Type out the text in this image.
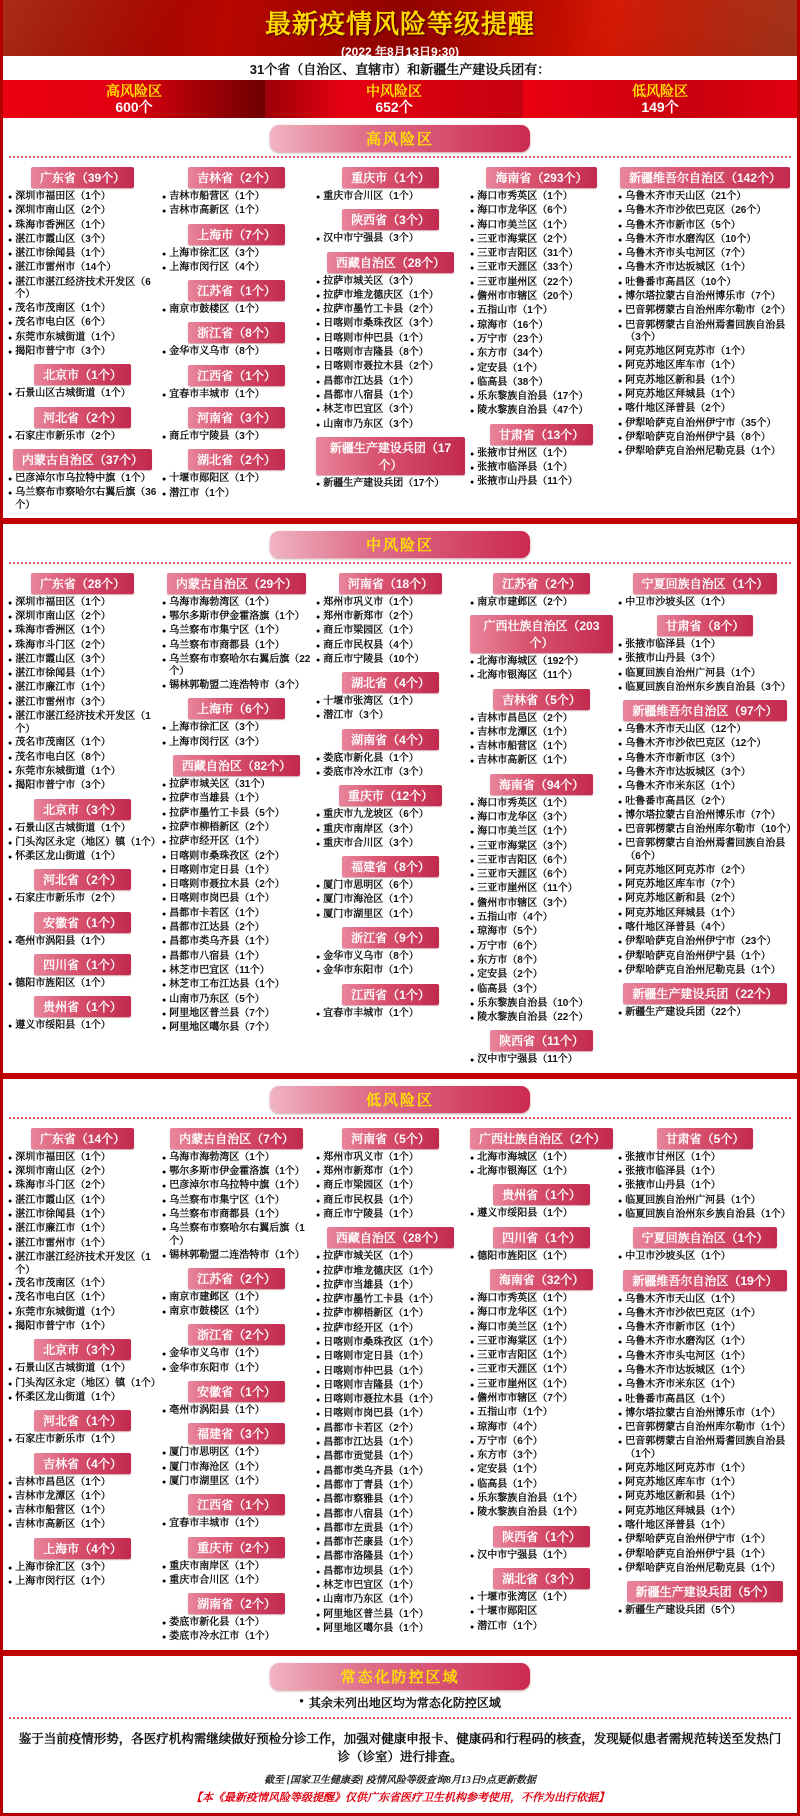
最新疫情风险等级提醒
(2022 年8月13日9:30)
31个省（自治区、直辖市）和新疆生产建设兵团有：
高风险区
600个
中风险区
652个
低风险区
149个
高风险区
广东省（39个）
● 深圳市福田区（1个）
● 深圳市南山区（2个）
● 珠海市香洲区（1个）
● 湛江市霞山区（3个）
● 湛江市徐闻县（1个）
● 湛江市雷州市（14个）
● 湛江市湛江经济技术开发区（6个）
● 茂名市茂南区（1个）
● 茂名市电白区（6个）
● 东莞市东城街道（1个）
● 揭阳市普宁市（3个）
北京市（1个）
● 石景山区古城街道（1个）
河北省（2个）
● 石家庄市新乐市（2个）
内蒙古自治区（37个）
● 巴彦淖尔市乌拉特中旗（1个）
● 乌兰察布市察哈尔右翼后旗（36个）
吉林省（2个）
● 吉林市船营区（1个）
● 吉林市高新区（1个）
上海市（7个）
● 上海市徐汇区（3个）
● 上海市闵行区（4个）
江苏省（1个）
● 南京市鼓楼区（1个）
浙江省（8个）
● 金华市义乌市（8个）
江西省（1个）
● 宜春市丰城市（1个）
河南省（3个）
● 商丘市宁陵县（3个）
湖北省（2个）
● 十堰市郧阳区（1个）
● 潜江市（1个）
重庆市（1个）
● 重庆市合川区（1个）
陕西省（3个）
● 汉中市宁强县（3个）
西藏自治区（28个）
● 拉萨市城关区（3个）
● 拉萨市堆龙德庆区（1个）
● 拉萨市墨竹工卡县（2个）
● 日喀则市桑珠孜区（3个）
● 日喀则市仲巴县（1个）
● 日喀则市吉隆县（8个）
● 日喀则市聂拉木县（2个）
● 昌都市江达县（1个）
● 昌都市八宿县（1个）
● 林芝市巴宜区（3个）
● 山南市乃东区（3个）
新疆生产建设兵团（17个）
● 新疆生产建设兵团（17个）
海南省（293个）
● 海口市秀英区（1个）
● 海口市龙华区（6个）
● 海口市美兰区（1个）
● 三亚市海棠区（2个）
● 三亚市吉阳区（31个）
● 三亚市天涯区（33个）
● 三亚市崖州区（22个）
● 儋州市市辖区（20个）
● 五指山市（1个）
● 琼海市（16个）
● 万宁市（23个）
● 东方市（34个）
● 定安县（1个）
● 临高县（38个）
● 乐东黎族自治县（17个）
● 陵水黎族自治县（47个）
甘肃省（13个）
● 张掖市甘州区（1个）
● 张掖市临泽县（1个）
● 张掖市山丹县（11个）
新疆维吾尔自治区（142个）
● 乌鲁木齐市天山区（21个）
● 乌鲁木齐市沙依巴克区（26个）
● 乌鲁木齐市新市区（5个）
● 乌鲁木齐市水磨沟区（10个）
● 乌鲁木齐市头屯河区（7个）
● 乌鲁木齐市达坂城区（1个）
● 吐鲁番市高昌区（10个）
● 博尔塔拉蒙古自治州博乐市（7个）
● 巴音郭楞蒙古自治州库尔勒市（2个）
● 巴音郭楞蒙古自治州焉耆回族自治县（3个）
● 阿克苏地区阿克苏市（1个）
● 阿克苏地区库车市（1个）
● 阿克苏地区新和县（1个）
● 阿克苏地区拜城县（1个）
● 喀什地区泽普县（2个）
● 伊犁哈萨克自治州伊宁市（35个）
● 伊犁哈萨克自治州伊宁县（8个）
● 伊犁哈萨克自治州尼勒克县（1个）
中风险区
广东省（28个）
● 深圳市福田区（1个）
● 深圳市南山区（2个）
● 珠海市香洲区（1个）
● 珠海市斗门区（2个）
● 湛江市霞山区（3个）
● 湛江市徐闻县（1个）
● 湛江市廉江市（1个）
● 湛江市雷州市（3个）
● 湛江市湛江经济技术开发区（1个）
● 茂名市茂南区（1个）
● 茂名市电白区（8个）
● 东莞市东城街道（1个）
● 揭阳市普宁市（3个）
北京市（3个）
● 石景山区古城街道（1个）
● 门头沟区永定（地区）镇（1个）
● 怀柔区龙山街道（1个）
河北省（2个）
● 石家庄市新乐市（2个）
安徽省（1个）
● 亳州市涡阳县（1个）
四川省（1个）
● 德阳市旌阳区（1个）
贵州省（1个）
● 遵义市绥阳县（1个）
内蒙古自治区（29个）
● 乌海市海勃湾区（1个）
● 鄂尔多斯市伊金霍洛旗（1个）
● 乌兰察布市集宁区（1个）
● 乌兰察布市商都县（1个）
● 乌兰察布市察哈尔右翼后旗（22个）
● 锡林郭勒盟二连浩特市（3个）
上海市（6个）
● 上海市徐汇区（3个）
● 上海市闵行区（3个）
西藏自治区（82个）
● 拉萨市城关区（31个）
● 拉萨市当雄县（1个）
● 拉萨市墨竹工卡县（5个）
● 拉萨市柳梧新区（2个）
● 拉萨市经开区（1个）
● 日喀则市桑珠孜区（2个）
● 日喀则市定日县（1个）
● 日喀则市聂拉木县（2个）
● 日喀则市岗巴县（1个）
● 昌都市卡若区（1个）
● 昌都市江达县（2个）
● 昌都市类乌齐县（1个）
● 昌都市八宿县（1个）
● 林芝市巴宜区（11个）
● 林芝市工布江达县（1个）
● 山南市乃东区（5个）
● 阿里地区普兰县（7个）
● 阿里地区噶尔县（7个）
河南省（18个）
● 郑州市巩义市（1个）
● 郑州市新郑市（2个）
● 商丘市梁园区（1个）
● 商丘市民权县（4个）
● 商丘市宁陵县（10个）
湖北省（4个）
● 十堰市张湾区（1个）
● 潜江市（3个）
湖南省（4个）
● 娄底市新化县（1个）
● 娄底市冷水江市（3个）
重庆市（12个）
● 重庆市九龙坡区（6个）
● 重庆市南岸区（3个）
● 重庆市合川区（3个）
福建省（8个）
● 厦门市思明区（6个）
● 厦门市海沧区（1个）
● 厦门市湖里区（1个）
浙江省（9个）
● 金华市义乌市（8个）
● 金华市东阳市（1个）
江西省（1个）
● 宜春市丰城市（1个）
江苏省（2个）
● 南京市建邺区（2个）
广西壮族自治区（203个）
● 北海市海城区（192个）
● 北海市银海区（11个）
吉林省（5个）
● 吉林市昌邑区（2个）
● 吉林市龙潭区（1个）
● 吉林市船营区（1个）
● 吉林市高新区（1个）
海南省（94个）
● 海口市秀英区（1个）
● 海口市龙华区（3个）
● 海口市美兰区（1个）
● 三亚市海棠区（3个）
● 三亚市吉阳区（6个）
● 三亚市天涯区（6个）
● 三亚市崖州区（11个）
● 儋州市市辖区（3个）
● 五指山市（4个）
● 琼海市（5个）
● 万宁市（6个）
● 东方市（8个）
● 定安县（2个）
● 临高县（3个）
● 乐东黎族自治县（10个）
● 陵水黎族自治县（22个）
陕西省（11个）
● 汉中市宁强县（11个）
宁夏回族自治区（1个）
● 中卫市沙坡头区（1个）
甘肃省（8个）
● 张掖市临泽县（1个）
● 张掖市山丹县（3个）
● 临夏回族自治州广河县（1个）
● 临夏回族自治州东乡族自治县（3个）
新疆维吾尔自治区（97个）
● 乌鲁木齐市天山区（12个）
● 乌鲁木齐市沙依巴克区（12个）
● 乌鲁木齐市新市区（3个）
● 乌鲁木齐市达坂城区（3个）
● 乌鲁木齐市米东区（1个）
● 吐鲁番市高昌区（2个）
● 博尔塔拉蒙古自治州博乐市（7个）
● 巴音郭楞蒙古自治州库尔勒市（10个）
● 巴音郭楞蒙古自治州焉耆回族自治县（6个）
● 阿克苏地区阿克苏市（2个）
● 阿克苏地区库车市（7个）
● 阿克苏地区新和县（2个）
● 阿克苏地区拜城县（1个）
● 喀什地区泽普县（4个）
● 伊犁哈萨克自治州伊宁市（23个）
● 伊犁哈萨克自治州伊宁县（1个）
● 伊犁哈萨克自治州尼勒克县（1个）
新疆生产建设兵团（22个）
● 新疆生产建设兵团（22个）
低风险区
广东省（14个）
● 深圳市福田区（1个）
● 深圳市南山区（2个）
● 珠海市斗门区（2个）
● 湛江市霞山区（1个）
● 湛江市徐闻县（1个）
● 湛江市廉江市（1个）
● 湛江市雷州市（1个）
● 湛江市湛江经济技术开发区（1个）
● 茂名市茂南区（1个）
● 茂名市电白区（1个）
● 东莞市东城街道（1个）
● 揭阳市普宁市（1个）
北京市（3个）
● 石景山区古城街道（1个）
● 门头沟区永定（地区）镇（1个）
● 怀柔区龙山街道（1个）
河北省（1个）
● 石家庄市新乐市（1个）
吉林省（4个）
● 吉林市昌邑区（1个）
● 吉林市龙潭区（1个）
● 吉林市船营区（1个）
● 吉林市高新区（1个）
上海市（4个）
● 上海市徐汇区（3个）
● 上海市闵行区（1个）
内蒙古自治区（7个）
● 乌海市海勃湾区（1个）
● 鄂尔多斯市伊金霍洛旗（1个）
● 巴彦淖尔市乌拉特中旗（1个）
● 乌兰察布市集宁区（1个）
● 乌兰察布市商都县（1个）
● 乌兰察布市察哈尔右翼后旗（1个）
● 锡林郭勒盟二连浩特市（1个）
江苏省（2个）
● 南京市建邺区（1个）
● 南京市鼓楼区（1个）
浙江省（2个）
● 金华市义乌市（1个）
● 金华市东阳市（1个）
安徽省（1个）
● 亳州市涡阳县（1个）
福建省（3个）
● 厦门市思明区（1个）
● 厦门市海沧区（1个）
● 厦门市湖里区（1个）
江西省（1个）
● 宜春市丰城市（1个）
重庆市（2个）
● 重庆市南岸区（1个）
● 重庆市合川区（1个）
湖南省（2个）
● 娄底市新化县（1个）
● 娄底市冷水江市（1个）
河南省（5个）
● 郑州市巩义市（1个）
● 郑州市新郑市（1个）
● 商丘市梁园区（1个）
● 商丘市民权县（1个）
● 商丘市宁陵县（1个）
西藏自治区（28个）
● 拉萨市城关区（1个）
● 拉萨市堆龙德庆区（1个）
● 拉萨市当雄县（1个）
● 拉萨市墨竹工卡县（1个）
● 拉萨市柳梧新区（1个）
● 拉萨市经开区（1个）
● 日喀则市桑珠孜区（1个）
● 日喀则市定日县（1个）
● 日喀则市仲巴县（1个）
● 日喀则市吉隆县（1个）
● 日喀则市聂拉木县（1个）
● 日喀则市岗巴县（1个）
● 昌都市卡若区（2个）
● 昌都市江达县（1个）
● 昌都市贡觉县（1个）
● 昌都市类乌齐县（1个）
● 昌都市丁青县（1个）
● 昌都市察雅县（1个）
● 昌都市八宿县（1个）
● 昌都市左贡县（1个）
● 昌都市芒康县（1个）
● 昌都市洛隆县（1个）
● 昌都市边坝县（1个）
● 林芝市巴宜区（1个）
● 山南市乃东区（1个）
● 阿里地区普兰县（1个）
● 阿里地区噶尔县（1个）
广西壮族自治区（2个）
● 北海市海城区（1个）
● 北海市银海区（1个）
贵州省（1个）
● 遵义市绥阳县（1个）
四川省（1个）
● 德阳市旌阳区（1个）
海南省（32个）
● 海口市秀英区（1个）
● 海口市龙华区（1个）
● 海口市美兰区（1个）
● 三亚市海棠区（1个）
● 三亚市吉阳区（1个）
● 三亚市天涯区（1个）
● 三亚市崖州区（1个）
● 儋州市市辖区（7个）
● 五指山市（1个）
● 琼海市（4个）
● 万宁市（6个）
● 东方市（3个）
● 定安县（1个）
● 临高县（1个）
● 乐东黎族自治县（1个）
● 陵水黎族自治县（1个）
陕西省（1个）
● 汉中市宁强县（1个）
湖北省（3个）
● 十堰市张湾区（1个）
● 十堰市郧阳区
● 潜江市（1个）
甘肃省（5个）
● 张掖市甘州区（1个）
● 张掖市临泽县（1个）
● 张掖市山丹县（1个）
● 临夏回族自治州广河县（1个）
● 临夏回族自治州东乡族自治县（1个）
宁夏回族自治区（1个）
● 中卫市沙坡头区（1个）
新疆维吾尔自治区（19个）
● 乌鲁木齐市天山区（1个）
● 乌鲁木齐市沙依巴克区（1个）
● 乌鲁木齐市新市区（1个）
● 乌鲁木齐市水磨沟区（1个）
● 乌鲁木齐市头屯河区（1个）
● 乌鲁木齐市达坂城区（1个）
● 乌鲁木齐市米东区（1个）
● 吐鲁番市高昌区（1个）
● 博尔塔拉蒙古自治州博乐市（1个）
● 巴音郭楞蒙古自治州库尔勒市（1个）
● 巴音郭楞蒙古自治州焉耆回族自治县（1个）
● 阿克苏地区阿克苏市（1个）
● 阿克苏地区库车市（1个）
● 阿克苏地区新和县（1个）
● 阿克苏地区拜城县（1个）
● 喀什地区泽普县（1个）
● 伊犁哈萨克自治州伊宁市（1个）
● 伊犁哈萨克自治州伊宁县（1个）
● 伊犁哈萨克自治州尼勒克县（1个）
新疆生产建设兵团（5个）
● 新疆生产建设兵团（5个）
常态化防控区域
● 其余未列出地区均为常态化防控区域
鉴于当前疫情形势，各医疗机构需继续做好预检分诊工作，加强对健康申报卡、健康码和行程码的核查，发现疑似患者需规范转送至发热门诊（诊室）进行排查。
截至 [国家卫生健康委] 疫情风险等级查询8月13日9点更新数据
【本《最新疫情风险等级提醒》仅供广东省医疗卫生机构参考使用，不作为出行依据】
